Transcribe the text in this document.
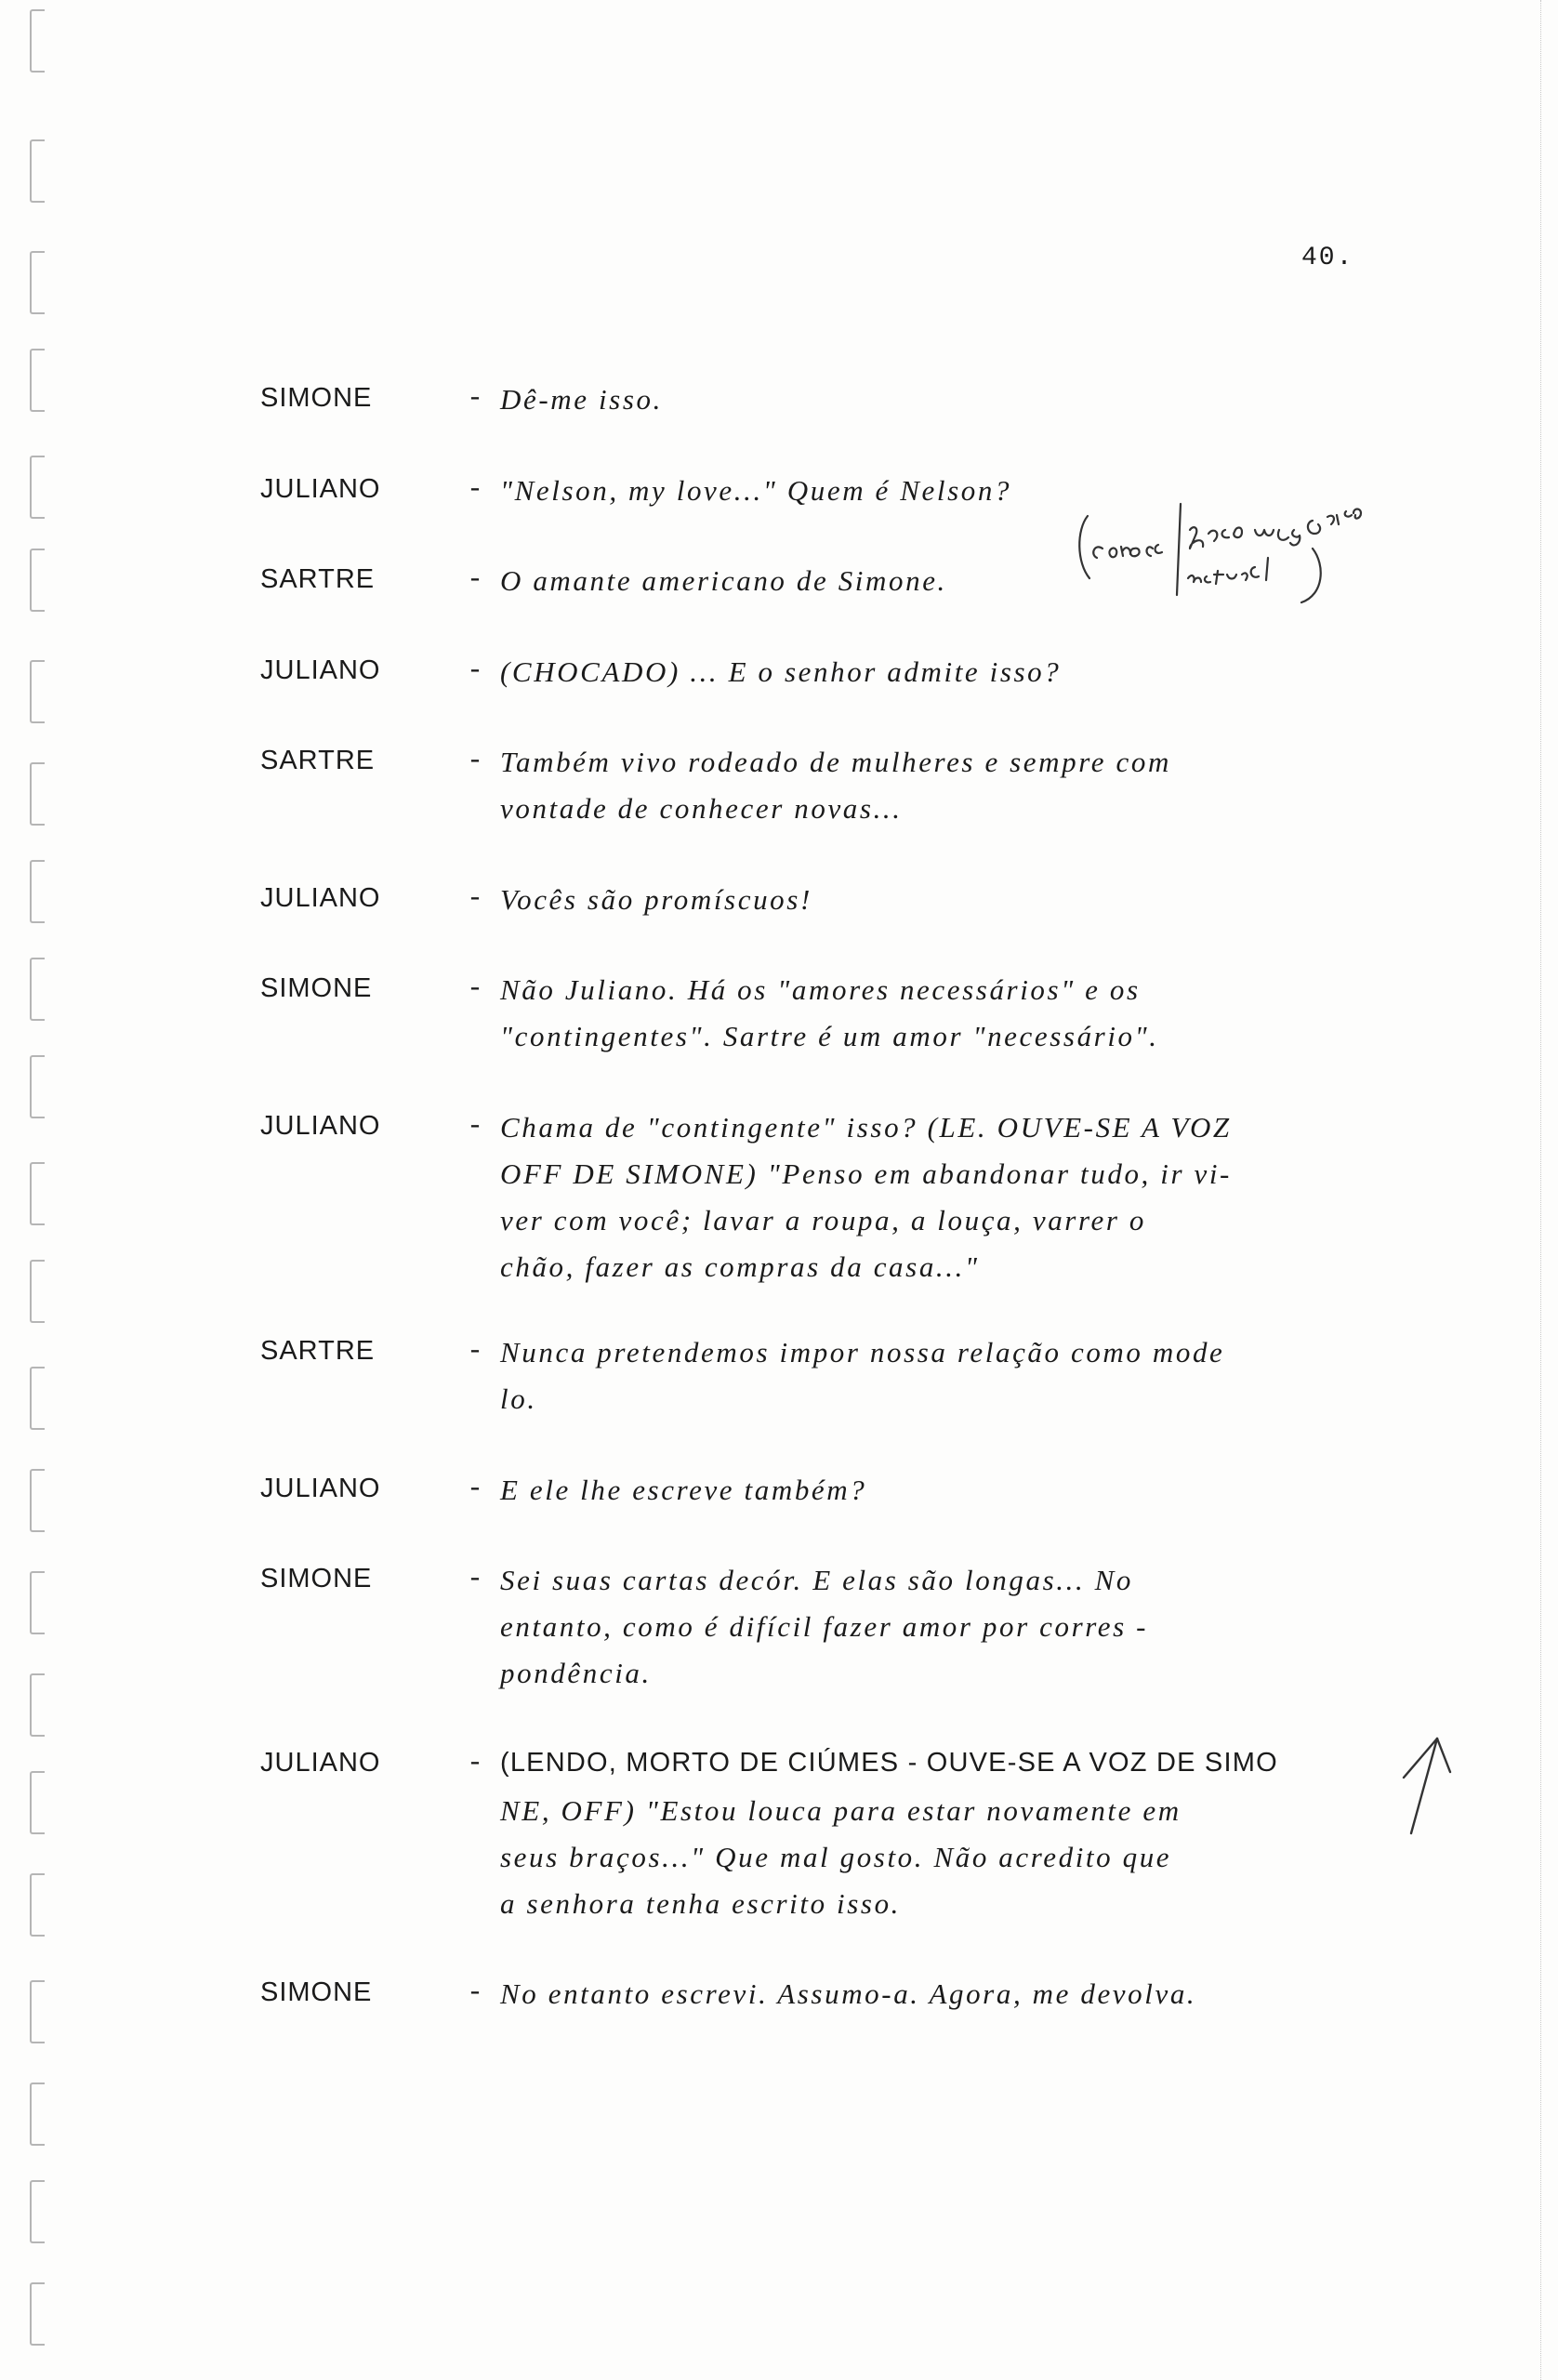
40.
SIMONE	- Dê-me isso.
JULIANO	- "Nelson, my love..." Quem é Nelson?
SARTRE	- O amante americano de Simone.
JULIANO	- (CHOCADO) ... E o senhor admite isso?
SARTRE	- Também vivo rodeado de mulheres e sempre com
vontade de conhecer novas...
JULIANO	- Vocês são promíscuos!
SIMONE	- Não Juliano. Há os "amores necessários" e os
"contingentes". Sartre é um amor "necessário".
JULIANO	- Chama de "contingente" isso? (LE. OUVE-SE A VOZ
OFF DE SIMONE) "Penso em abandonar tudo, ir vi-
ver com você; lavar a roupa, a louça, varrer o
chão, fazer as compras da casa..."
SARTRE	- Nunca pretendemos impor nossa relação como mode
lo.
JULIANO	- E ele lhe escreve também?
SIMONE	- Sei suas cartas decór. E elas são longas... No
entanto, como é difícil fazer amor por corres -
pondência.
JULIANO	- (LENDO, MORTO DE CIÚMES - OUVE-SE A VOZ DE SIMO
NE, OFF) "Estou louca para estar novamente em
seus braços..." Que mal gosto. Não acredito que
a senhora tenha escrito isso.
SIMONE	- No entanto escrevi. Assumo-a. Agora, me devolva.
